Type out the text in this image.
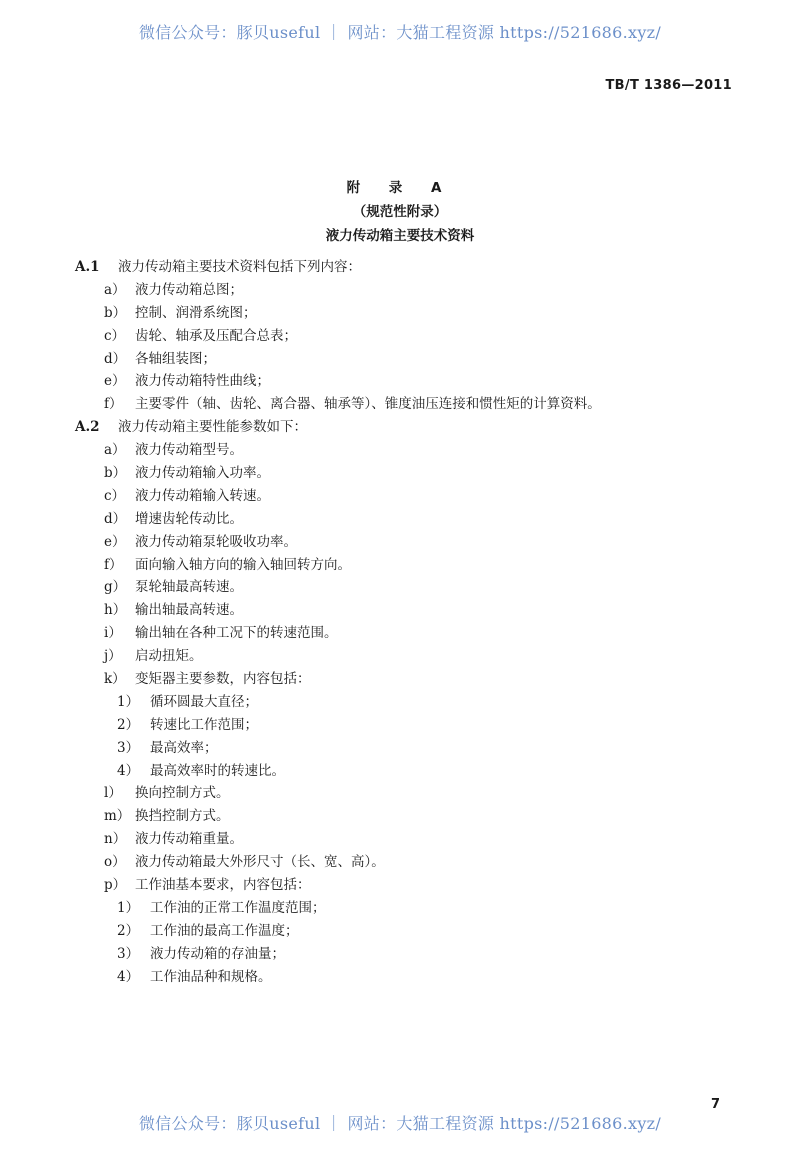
微信公众号：豚贝useful ｜ 网站：大猫工程资源 https://521686.xyz/
TB/T 1386—2011
附 录 A
（规范性附录）
液力传动箱主要技术资料
A.1 液力传动箱主要技术资料包括下列内容：
a） 液力传动箱总图；
b） 控制、润滑系统图；
c） 齿轮、轴承及压配合总表；
d） 各轴组装图；
e） 液力传动箱特性曲线；
f） 主要零件（轴、齿轮、离合器、轴承等）、锥度油压连接和惯性矩的计算资料。
A.2 液力传动箱主要性能参数如下：
a） 液力传动箱型号。
b） 液力传动箱输入功率。
c） 液力传动箱输入转速。
d） 增速齿轮传动比。
e） 液力传动箱泵轮吸收功率。
f） 面向输入轴方向的输入轴回转方向。
g） 泵轮轴最高转速。
h） 输出轴最高转速。
i） 输出轴在各种工况下的转速范围。
j） 启动扭矩。
k） 变矩器主要参数，内容包括：
1） 循环圆最大直径；
2） 转速比工作范围；
3） 最高效率；
4） 最高效率时的转速比。
l） 换向控制方式。
m） 换挡控制方式。
n） 液力传动箱重量。
o） 液力传动箱最大外形尺寸（长、宽、高）。
p） 工作油基本要求，内容包括：
1） 工作油的正常工作温度范围；
2） 工作油的最高工作温度；
3） 液力传动箱的存油量；
4） 工作油品种和规格。
7
微信公众号：豚贝useful ｜ 网站：大猫工程资源 https://521686.xyz/
